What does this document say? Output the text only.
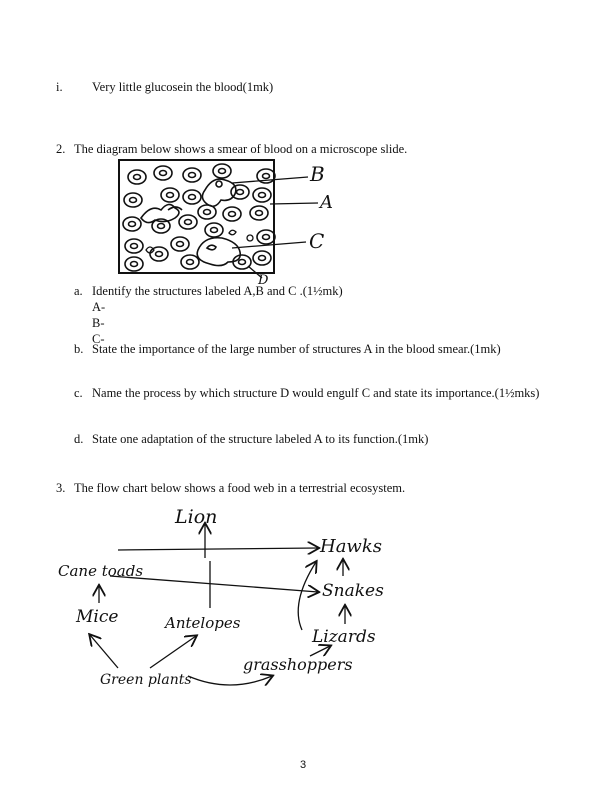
i. Very little glucosein the blood(1mk)
2. The diagram below shows a smear of blood on a microscope slide.
B
A
C
D
a. Identify the structures labeled A,B and C .(1½mk)
A-
B-
C-
b. State the importance of the large number of structures A in the blood smear.(1mk)
c. Name the process by which structure D would engulf C and state its importance.(1½mks)
d. State one adaptation of the structure labeled A to its function.(1mk)
3. The flow chart below shows a food web in a terrestrial ecosystem.
Lion
Hawks
Cane toads
Snakes
Mice	Antelopes
Lizards
Green plants
grasshoppers
3
